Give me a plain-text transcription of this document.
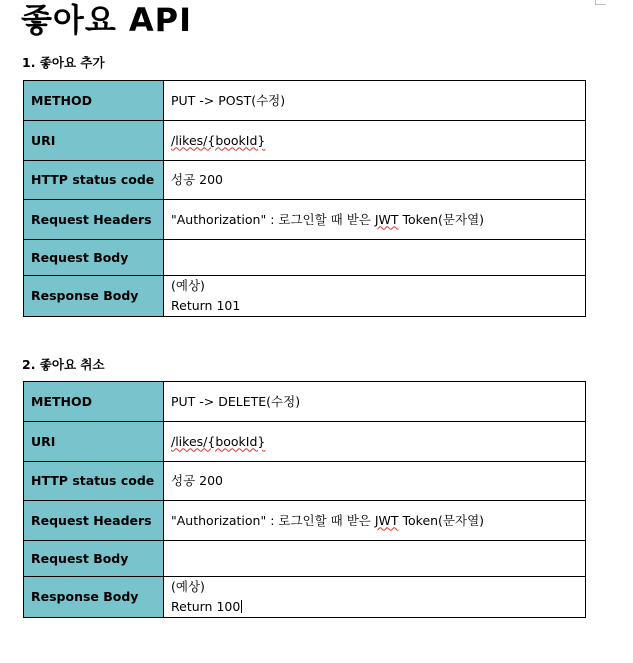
좋아요 API
1. 좋아요 추가
METHOD	PUT -> POST(수정)
URI	/likes/{bookId}
HTTP status code	성공 200
Request Headers	"Authorization" : 로그인할 때 받은 JWT Token(문자열)
Request Body	
Response Body	(예상)
Return 101
2. 좋아요 취소
METHOD	PUT -> DELETE(수정)
URI	/likes/{bookId}
HTTP status code	성공 200
Request Headers	"Authorization" : 로그인할 때 받은 JWT Token(문자열)
Request Body	
Response Body	(예상)
Return 100
